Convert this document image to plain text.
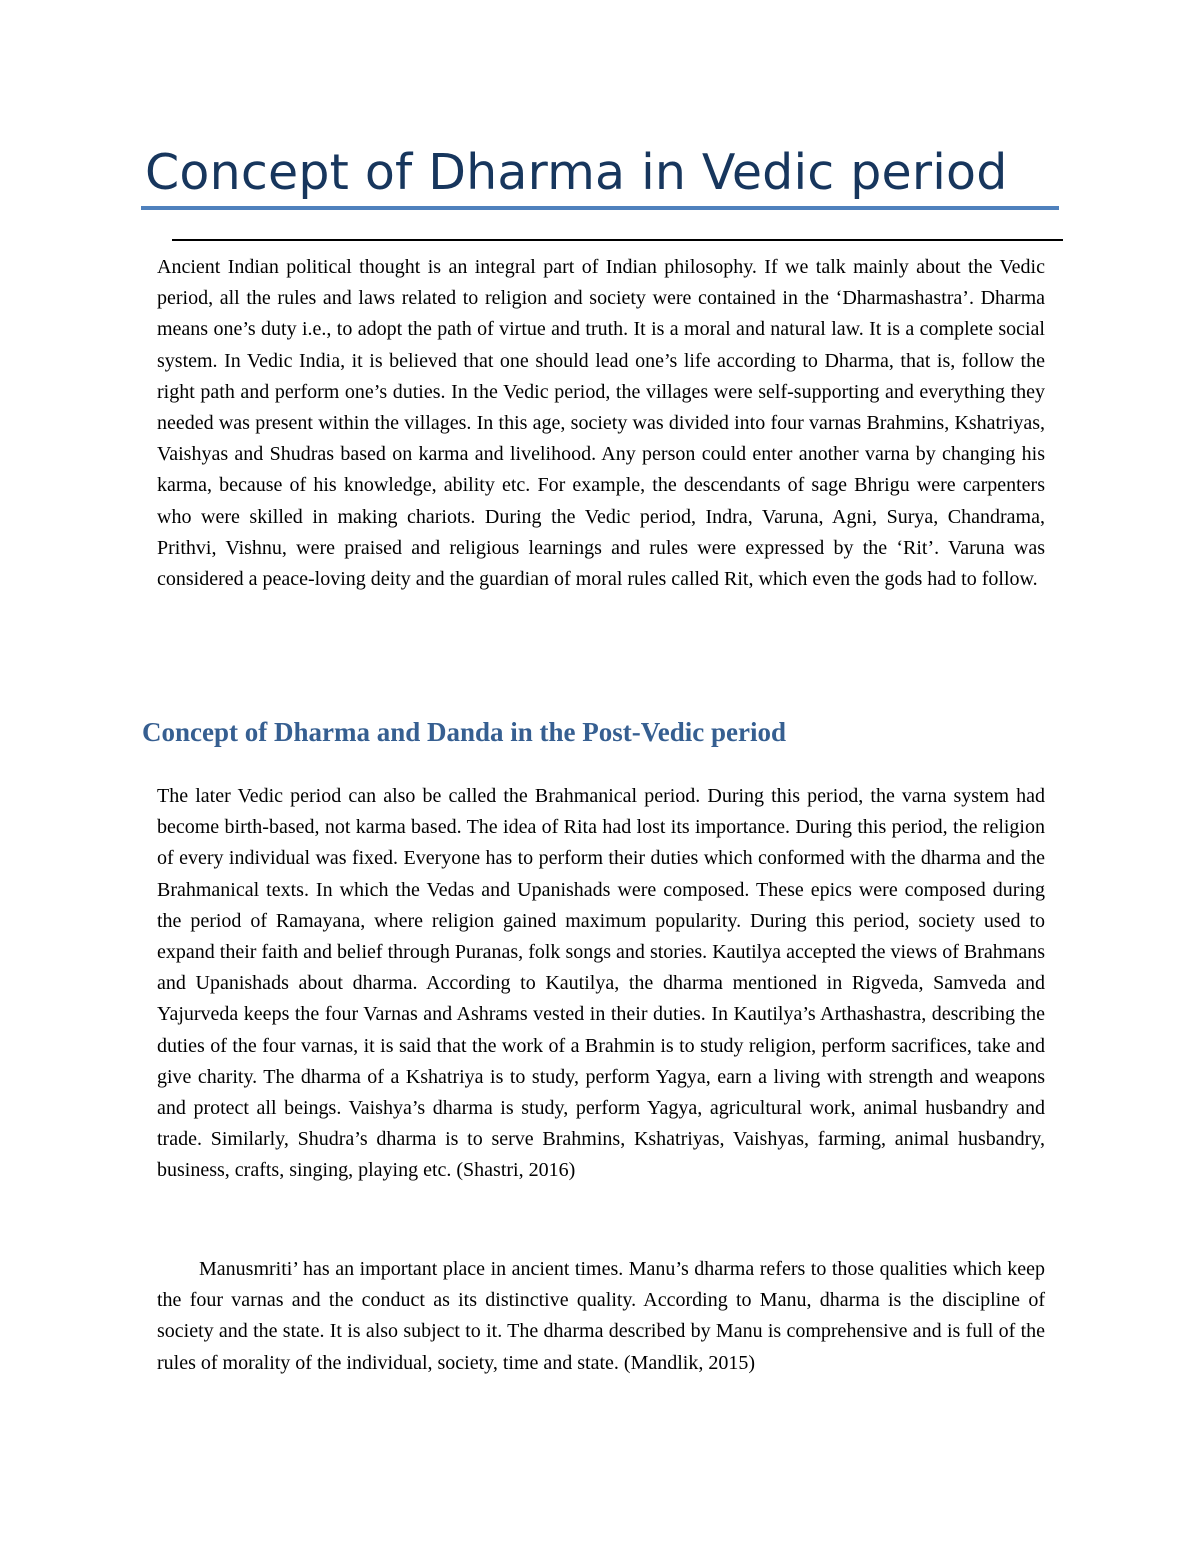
Concept of Dharma in Vedic period

Ancient Indian political thought is an integral part of Indian philosophy. If we talk mainly about the Vedic period, all the rules and laws related to religion and society were contained in the ‘Dharmashastra’. Dharma means one’s duty i.e., to adopt the path of virtue and truth. It is a moral and natural law. It is a complete social system. In Vedic India, it is believed that one should lead one’s life according to Dharma, that is, follow the right path and perform one’s duties. In the Vedic period, the villages were self-supporting and everything they needed was present within the villages. In this age, society was divided into four varnas Brahmins, Kshatriyas, Vaishyas and Shudras based on karma and livelihood. Any person could enter another varna by changing his karma, because of his knowledge, ability etc. For example, the descendants of sage Bhrigu were carpenters who were skilled in making chariots. During the Vedic period, Indra, Varuna, Agni, Surya, Chandrama, Prithvi, Vishnu, were praised and religious learnings and rules were expressed by the ‘Rit’. Varuna was considered a peace-loving deity and the guardian of moral rules called Rit, which even the gods had to follow.

Concept of Dharma and Danda in the Post-Vedic period

The later Vedic period can also be called the Brahmanical period. During this period, the varna system had become birth-based, not karma based. The idea of Rita had lost its importance. During this period, the religion of every individual was fixed. Everyone has to perform their duties which conformed with the dharma and the Brahmanical texts. In which the Vedas and Upanishads were composed. These epics were composed during the period of Ramayana, where religion gained maximum popularity. During this period, society used to expand their faith and belief through Puranas, folk songs and stories. Kautilya accepted the views of Brahmans and Upanishads about dharma. According to Kautilya, the dharma mentioned in Rigveda, Samveda and Yajurveda keeps the four Varnas and Ashrams vested in their duties. In Kautilya’s Arthashastra, describing the duties of the four varnas, it is said that the work of a Brahmin is to study religion, perform sacrifices, take and give charity. The dharma of a Kshatriya is to study, perform Yagya, earn a living with strength and weapons and protect all beings. Vaishya’s dharma is study, perform Yagya, agricultural work, animal husbandry and trade. Similarly, Shudra’s dharma is to serve Brahmins, Kshatriyas, Vaishyas, farming, animal husbandry, business, crafts, singing, playing etc. (Shastri, 2016)

Manusmriti’ has an important place in ancient times. Manu’s dharma refers to those qualities which keep the four varnas and the conduct as its distinctive quality. According to Manu, dharma is the discipline of society and the state. It is also subject to it. The dharma described by Manu is comprehensive and is full of the rules of morality of the individual, society, time and state. (Mandlik, 2015)
